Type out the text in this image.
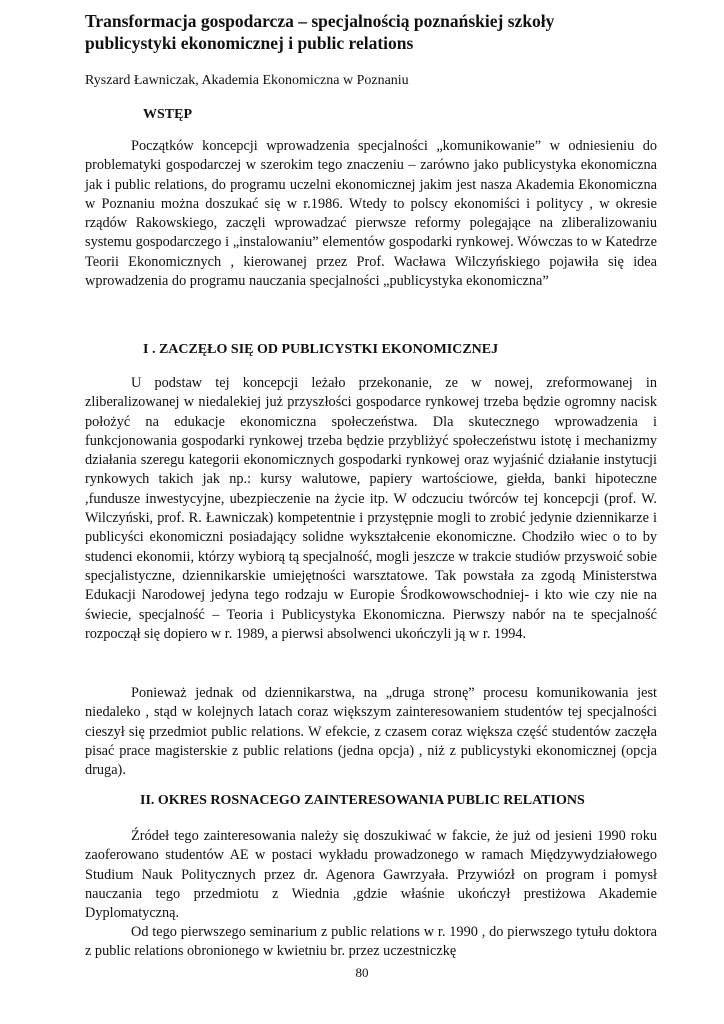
Transformacja gospodarcza – specjalnością poznańskiej szkoły publicystyki ekonomicznej i public relations

Ryszard Ławniczak, Akademia Ekonomiczna w Poznaniu

WSTĘP

Początków koncepcji wprowadzenia specjalności „komunikowanie” w odniesieniu do problematyki gospodarczej w szerokim tego znaczeniu – zarówno jako publicystyka ekonomiczna jak i public relations, do programu uczelni ekonomicznej jakim jest nasza Akademia Ekonomiczna w Poznaniu można doszukać się w r.1986. Wtedy to polscy ekonomiści i politycy , w okresie rządów Rakowskiego, zaczęli wprowadzać pierwsze reformy polegające na zliberalizowaniu systemu gospodarczego i „instalowaniu” elementów gospodarki rynkowej. Wówczas to w Katedrze Teorii Ekonomicznych , kierowanej przez Prof. Wacława Wilczyńskiego pojawiła się idea wprowadzenia do programu nauczania specjalności „publicystyka ekonomiczna”

I . ZACZĘŁO SIĘ OD PUBLICYSTKI EKONOMICZNEJ

U podstaw tej koncepcji leżało przekonanie, ze w nowej, zreformowanej in zliberalizowanej w niedalekiej już przyszłości gospodarce rynkowej trzeba będzie ogromny nacisk położyć na edukacje ekonomiczna społeczeństwa. Dla skutecznego wprowadzenia i funkcjonowania gospodarki rynkowej trzeba będzie przybliżyć społeczeństwu istotę i mechanizmy działania szeregu kategorii ekonomicznych gospodarki rynkowej oraz wyjaśnić działanie instytucji rynkowych takich jak np.: kursy walutowe, papiery wartościowe, giełda, banki hipoteczne ,fundusze inwestycyjne, ubezpieczenie na życie itp. W odczuciu twórców tej koncepcji (prof. W. Wilczyński, prof. R. Ławniczak) kompetentnie i przystępnie mogli to zrobić jedynie dziennikarze i publicyści ekonomiczni posiadający solidne wykształcenie ekonomiczne. Chodziło wiec o to by studenci ekonomii, którzy wybiorą tą specjalność, mogli jeszcze w trakcie studiów przyswoić sobie specjalistyczne, dziennikarskie umiejętności warsztatowe. Tak powstała za zgodą Ministerstwa Edukacji Narodowej jedyna tego rodzaju w Europie Środkowowschodniej- i kto wie czy nie na świecie, specjalność – Teoria i Publicystyka Ekonomiczna. Pierwszy nabór na te specjalność rozpoczął się dopiero w r. 1989, a pierwsi absolwenci ukończyli ją w r. 1994.

Ponieważ jednak od dziennikarstwa, na „druga stronę” procesu komunikowania jest niedaleko , stąd w kolejnych latach coraz większym zainteresowaniem studentów tej specjalności cieszył się przedmiot public relations. W efekcie, z czasem coraz większa część studentów zaczęła pisać prace magisterskie z public relations (jedna opcja) , niż z publicystyki ekonomicznej (opcja druga).

II. OKRES ROSNACEGO ZAINTERESOWANIA PUBLIC RELATIONS

Źródeł tego zainteresowania należy się doszukiwać w fakcie, że już od jesieni 1990 roku zaoferowano studentów AE w postaci wykładu prowadzonego w ramach Międzywydziałowego Studium Nauk Politycznych przez dr. Agenora Gawrzyała. Przywiózł on program i pomysł nauczania tego przedmiotu z Wiednia ,gdzie właśnie ukończył prestiżowa Akademie Dyplomatyczną.

Od tego pierwszego seminarium z public relations w r. 1990 , do pierwszego tytułu doktora z public relations obronionego w kwietniu br. przez uczestniczkę

80
